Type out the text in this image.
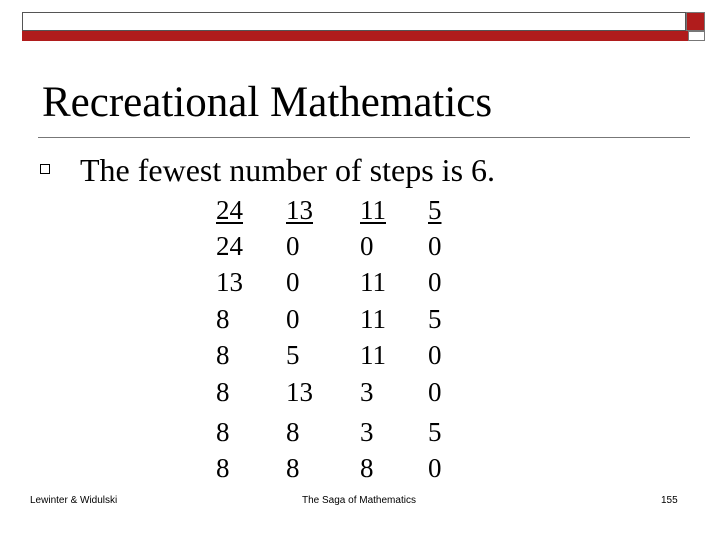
Recreational Mathematics
The fewest number of steps is 6.
24	13	11	5
24	0	0	0
13	0	11	0
8	0	11	5
8	5	11	0
8	13	3	0
8	8	3	5
8	8	8	0
Lewinter & Widulski	The Saga of Mathematics	155
